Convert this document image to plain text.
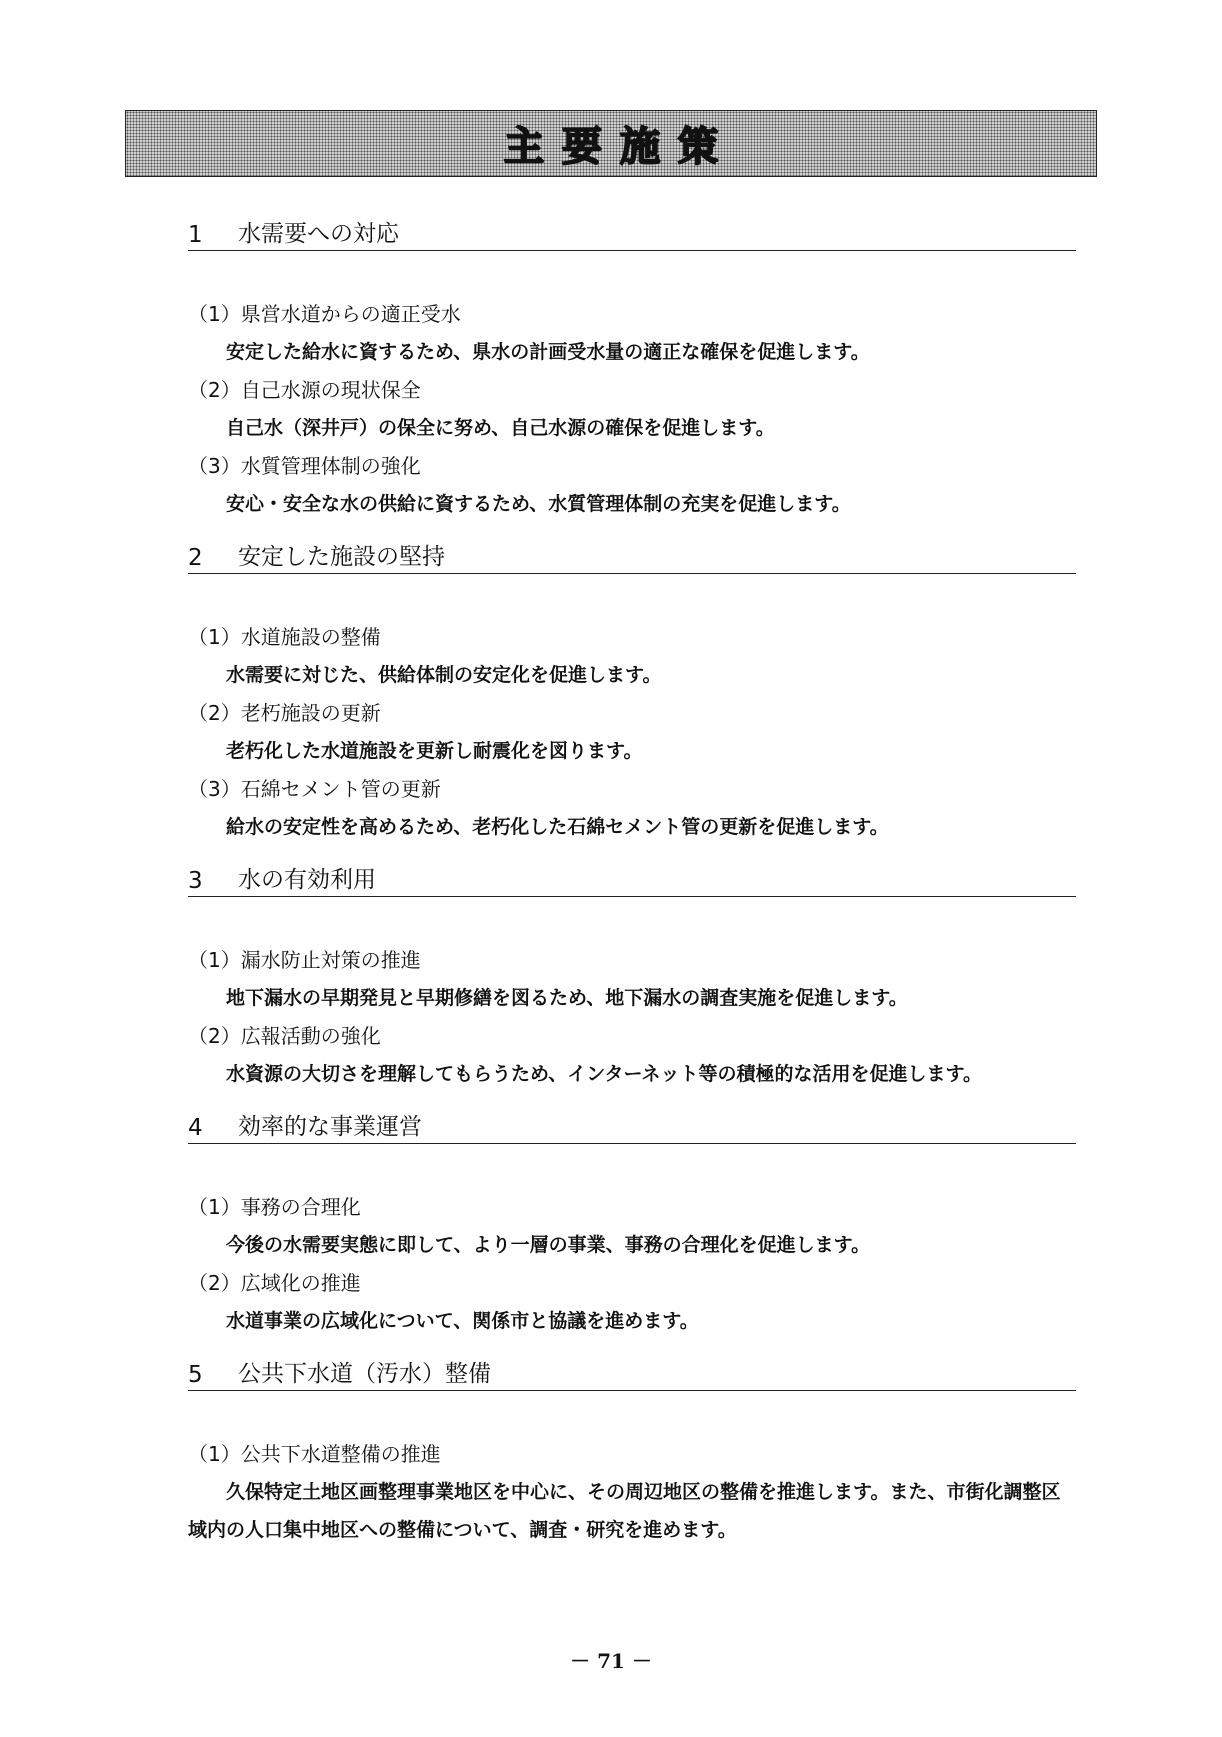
主要施策
1	水需要への対応
（1）県営水道からの適正受水
安定した給水に資するため、県水の計画受水量の適正な確保を促進します。
（2）自己水源の現状保全
自己水（深井戸）の保全に努め、自己水源の確保を促進します。
（3）水質管理体制の強化
安心・安全な水の供給に資するため、水質管理体制の充実を促進します。
2	安定した施設の堅持
（1）水道施設の整備
水需要に対じた、供給体制の安定化を促進します。
（2）老朽施設の更新
老朽化した水道施設を更新し耐震化を図ります。
（3）石綿セメント管の更新
給水の安定性を高めるため、老朽化した石綿セメント管の更新を促進します。
3	水の有効利用
（1）漏水防止対策の推進
地下漏水の早期発見と早期修繕を図るため、地下漏水の調査実施を促進します。
（2）広報活動の強化
水資源の大切さを理解してもらうため、インターネット等の積極的な活用を促進します。
4	効率的な事業運営
（1）事務の合理化
今後の水需要実態に即して、より一層の事業、事務の合理化を促進します。
（2）広域化の推進
水道事業の広域化について、関係市と協議を進めます。
5	公共下水道（汚水）整備
（1）公共下水道整備の推進
久保特定土地区画整理事業地区を中心に、その周辺地区の整備を推進します。また、市街化調整区域内の人口集中地区への整備について、調査・研究を進めます。
－ 71 －
